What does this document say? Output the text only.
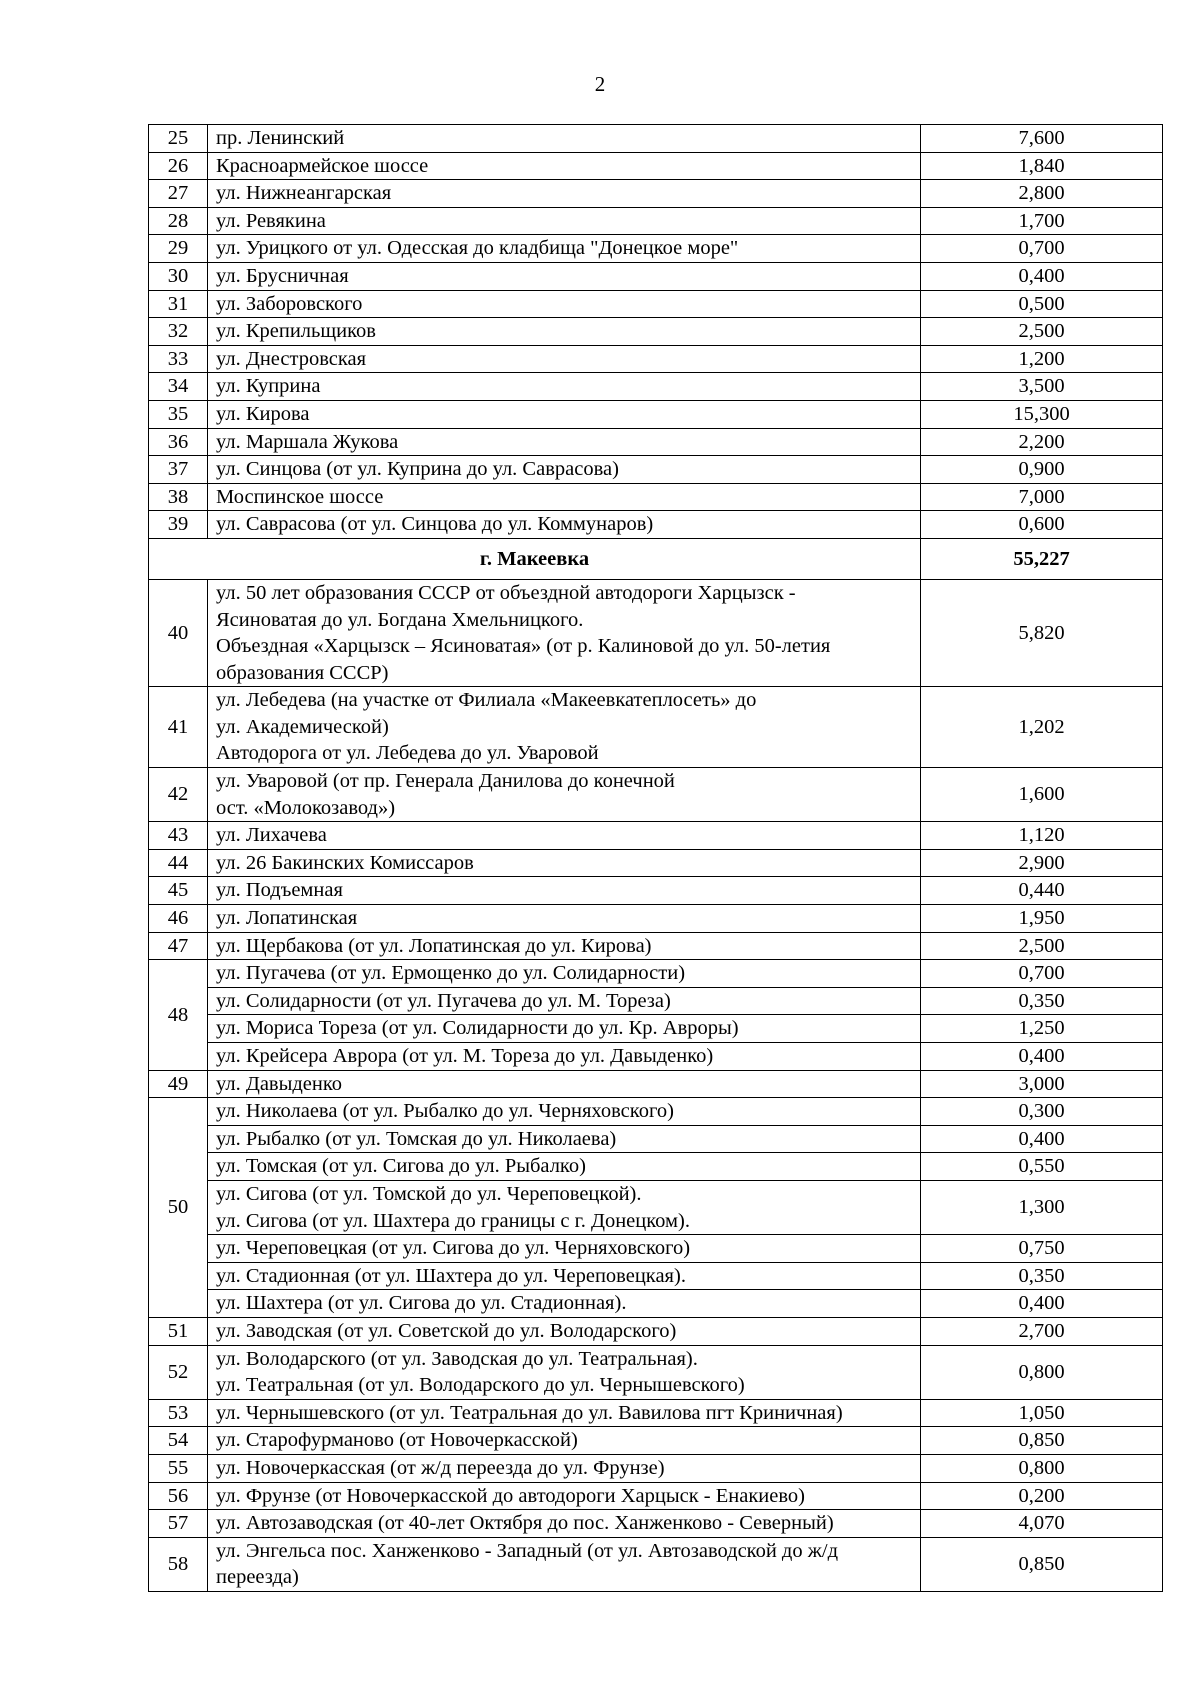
2
25	пр. Ленинский	7,600
26	Красноармейское шоссе	1,840
27	ул. Нижнеангарская	2,800
28	ул. Ревякина	1,700
29	ул. Урицкого от ул. Одесская до кладбища "Донецкое море"	0,700
30	ул. Брусничная	0,400
31	ул. Заборовского	0,500
32	ул. Крепильщиков	2,500
33	ул. Днестровская	1,200
34	ул. Куприна	3,500
35	ул. Кирова	15,300
36	ул. Маршала Жукова	2,200
37	ул. Синцова (от ул. Куприна до ул. Саврасова)	0,900
38	Моспинское шоссе	7,000
39	ул. Саврасова (от ул. Синцова до ул. Коммунаров)	0,600
г. Макеевка		55,227
40	ул. 50 лет образования СССР от объездной автодороги Харцызск -
Ясиноватая до ул. Богдана Хмельницкого.
Объездная «Харцызск – Ясиноватая» (от р. Калиновой до ул. 50-летия
образования СССР)	5,820
41	ул. Лебедева (на участке от Филиала «Макеевкатеплосеть» до
ул. Академической)
Автодорога от ул. Лебедева до ул. Уваровой	1,202
42	ул. Уваровой (от пр. Генерала Данилова до конечной
ост. «Молокозавод»)	1,600
43	ул. Лихачева	1,120
44	ул. 26 Бакинских Комиссаров	2,900
45	ул. Подъемная	0,440
46	ул. Лопатинская	1,950
47	ул. Щербакова (от ул. Лопатинская до ул. Кирова)	2,500
48	ул. Пугачева (от ул. Ермощенко до ул. Солидарности)	0,700

	ул. Солидарности (от ул. Пугачева до ул. М. Тореза)	0,350

	ул. Мориса Тореза (от ул. Солидарности до ул. Кр. Авроры)	1,250

	ул. Крейсера Аврора (от ул. М. Тореза до ул. Давыденко)	0,400
49	ул. Давыденко	3,000
50	ул. Николаева (от ул. Рыбалко до ул. Черняховского)	0,300

	ул. Рыбалко (от ул. Томская до ул. Николаева)	0,400

	ул. Томская (от ул. Сигова до ул. Рыбалко)	0,550

	ул. Сигова (от ул. Томской до ул. Череповецкой).
ул. Сигова (от ул. Шахтера до границы с г. Донецком).	1,300

	ул. Череповецкая (от ул. Сигова до ул. Черняховского)	0,750

	ул. Стадионная (от ул. Шахтера до ул. Череповецкая).	0,350

	ул. Шахтера (от ул. Сигова до ул. Стадионная).	0,400
51	ул. Заводская (от ул. Советской до ул. Володарского)	2,700
52	ул. Володарского (от ул. Заводская до ул. Театральная).
ул. Театральная (от ул. Володарского до ул. Чернышевского)	0,800
53	ул. Чернышевского (от ул. Театральная до ул. Вавилова пгт Криничная)	1,050
54	ул. Старофурманово (от Новочеркасской)	0,850
55	ул. Новочеркасская (от ж/д переезда до ул. Фрунзе)	0,800
56	ул. Фрунзе (от Новочеркасской до автодороги Харцыск - Енакиево)	0,200
57	ул. Автозаводская (от 40-лет Октября до пос. Ханженково - Северный)	4,070
58	ул. Энгельса пос. Ханженково - Западный (от ул. Автозаводской до ж/д
переезда)	0,850
